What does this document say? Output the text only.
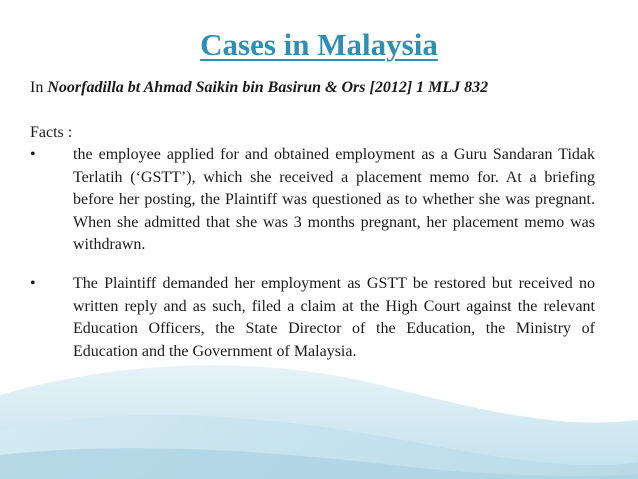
Cases in Malaysia
In Noorfadilla bt Ahmad Saikin bin Basirun & Ors [2012] 1 MLJ 832
Facts :
•	the employee applied for and obtained employment as a Guru Sandaran Tidak Terlatih (‘GSTT’), which she received a placement memo for. At a briefing before her posting, the Plaintiff was questioned as to whether she was pregnant. When she admitted that she was 3 months pregnant, her placement memo was withdrawn.
•	The Plaintiff demanded her employment as GSTT be restored but received no written reply and as such, filed a claim at the High Court against the relevant Education Officers, the State Director of the Education, the Ministry of Education and the Government of Malaysia.
